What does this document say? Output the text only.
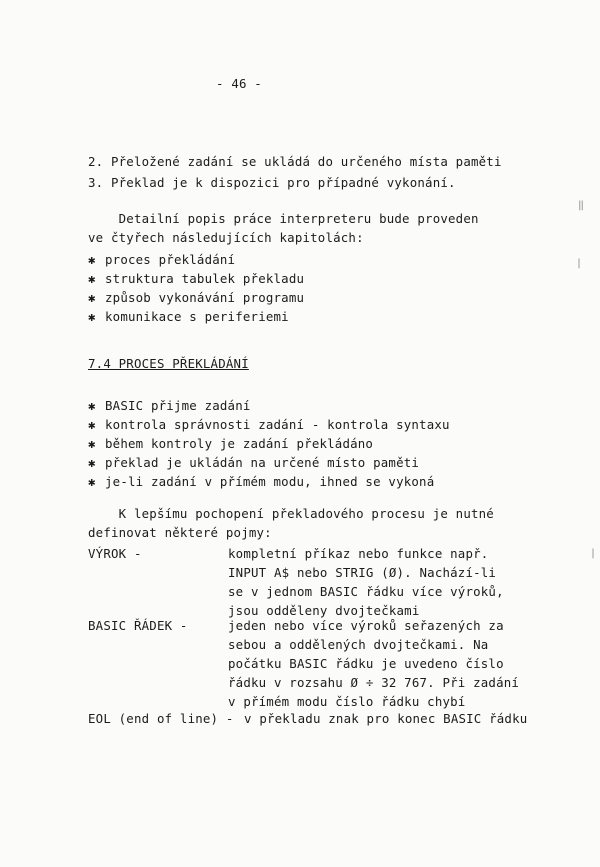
- 46 -
2. Přeložené zadání se ukládá do určeného místa paměti
3. Překlad je k dispozici pro případné vykonání.
Detailní popis práce interpreteru bude proveden
ve čtyřech následujících kapitolách:
✱ proces překládání
✱ struktura tabulek překladu
✱ způsob vykonávání programu
✱ komunikace s periferiemi
7.4 PROCES PŘEKLÁDÁNÍ
✱ BASIC přijme zadání
✱ kontrola správnosti zadání - kontrola syntaxu
✱ během kontroly je zadání překládáno
✱ překlad je ukládán na určené místo paměti
✱ je-li zadání v přímém modu, ihned se vykoná
K lepšímu pochopení překladového procesu je nutné
definovat některé pojmy:
VÝROK -	kompletní příkaz nebo funkce např.
INPUT A$ nebo STRIG (Ø). Nachází-li
se v jednom BASIC řádku více výroků,
jsou odděleny dvojtečkami
BASIC ŘÁDEK -	jeden nebo více výroků seřazených za
sebou a oddělených dvojtečkami. Na
počátku BASIC řádku je uvedeno číslo
řádku v rozsahu Ø ÷ 32 767. Při zadání
v přímém modu číslo řádku chybí
EOL (end of line) - v překladu znak pro konec BASIC řádku
‖
|
|
